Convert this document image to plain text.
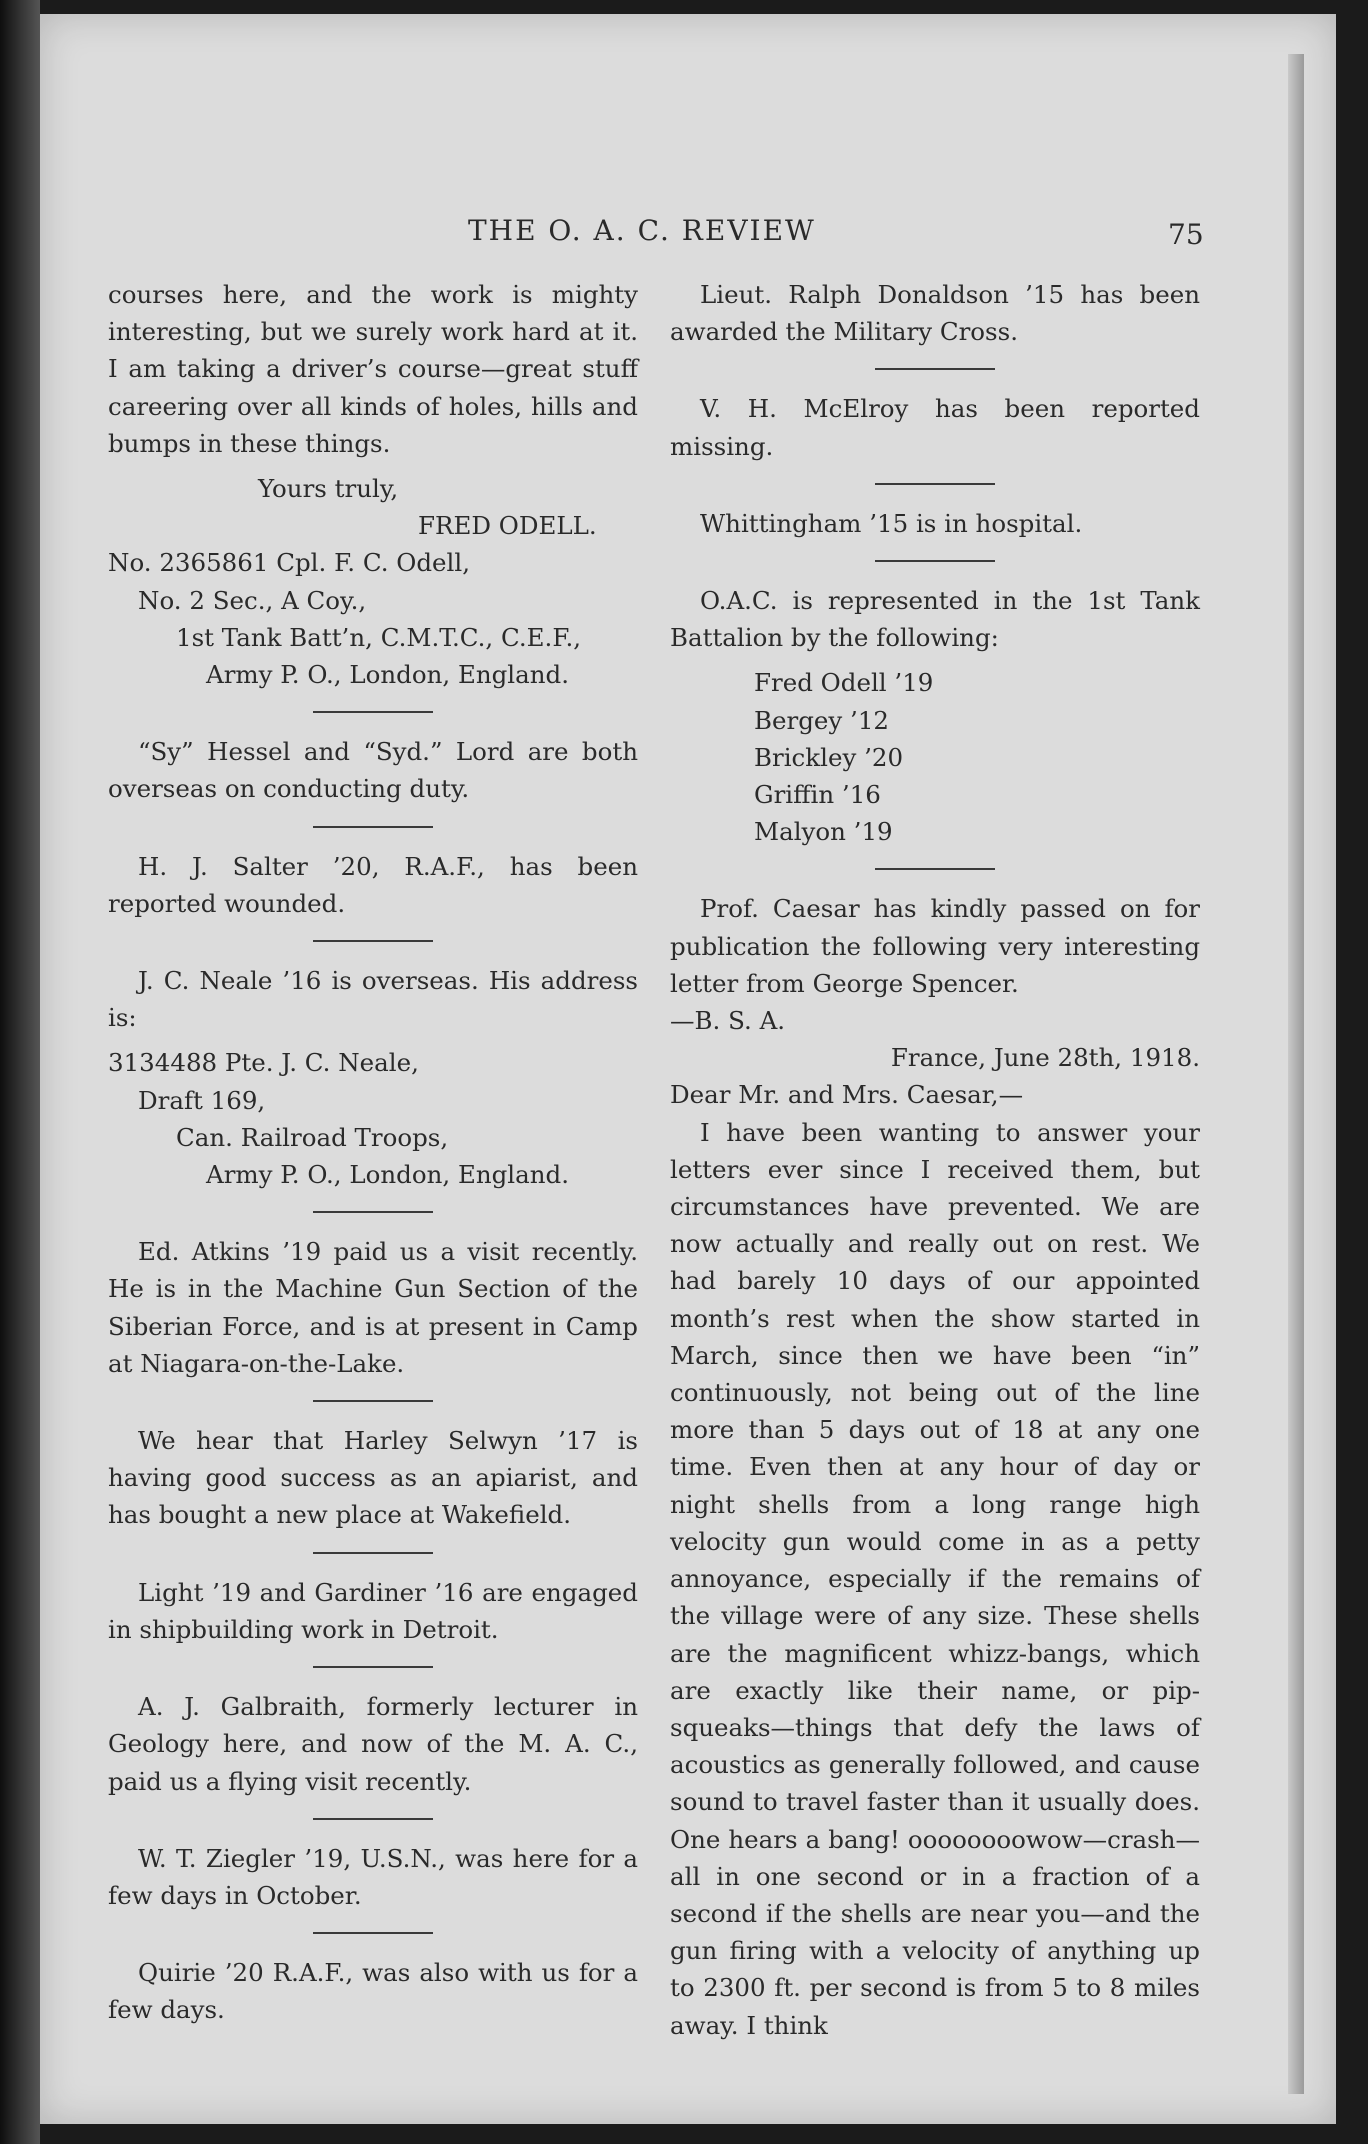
THE O. A. C. REVIEW	75

courses here, and the work is mighty interesting, but we surely work hard at it. I am taking a driver’s course—great stuff careering over all kinds of holes, hills and bumps in these things.

Yours truly,

FRED ODELL.

No. 2365861 Cpl. F. C. Odell,

No. 2 Sec., A Coy.,

1st Tank Batt’n, C.M.T.C., C.E.F.,

Army P. O., London, England.

“Sy” Hessel and “Syd.” Lord are both overseas on conducting duty.

H. J. Salter ’20, R.A.F., has been reported wounded.

J. C. Neale ’16 is overseas. His address is:

3134488 Pte. J. C. Neale,

Draft 169,

Can. Railroad Troops,

Army P. O., London, England.

Ed. Atkins ’19 paid us a visit recently. He is in the Machine Gun Section of the Siberian Force, and is at present in Camp at Niagara-on-the-Lake.

We hear that Harley Selwyn ’17 is having good success as an apiarist, and has bought a new place at Wakefield.

Light ’19 and Gardiner ’16 are engaged in shipbuilding work in Detroit.

A. J. Galbraith, formerly lecturer in Geology here, and now of the M. A. C., paid us a flying visit recently.

W. T. Ziegler ’19, U.S.N., was here for a few days in October.

Quirie ’20 R.A.F., was also with us for a few days.

Lieut. Ralph Donaldson ’15 has been awarded the Military Cross.

V. H. McElroy has been reported missing.

Whittingham ’15 is in hospital.

O.A.C. is represented in the 1st Tank Battalion by the following:

Fred Odell ’19

Bergey ’12

Brickley ’20

Griffin ’16

Malyon ’19

Prof. Caesar has kindly passed on for publication the following very interesting letter from George Spencer.

—B. S. A.

France, June 28th, 1918.

Dear Mr. and Mrs. Caesar,—

I have been wanting to answer your letters ever since I received them, but circumstances have prevented. We are now actually and really out on rest. We had barely 10 days of our appointed month’s rest when the show started in March, since then we have been “in” continuously, not being out of the line more than 5 days out of 18 at any one time. Even then at any hour of day or night shells from a long range high velocity gun would come in as a petty annoyance, especially if the remains of the village were of any size. These shells are the magnificent whizz-bangs, which are exactly like their name, or pip-squeaks—things that defy the laws of acoustics as generally followed, and cause sound to travel faster than it usually does. One hears a bang! oooooooowow—crash—all in one second or in a fraction of a second if the shells are near you—and the gun firing with a velocity of anything up to 2300 ft. per second is from 5 to 8 miles away. I think
